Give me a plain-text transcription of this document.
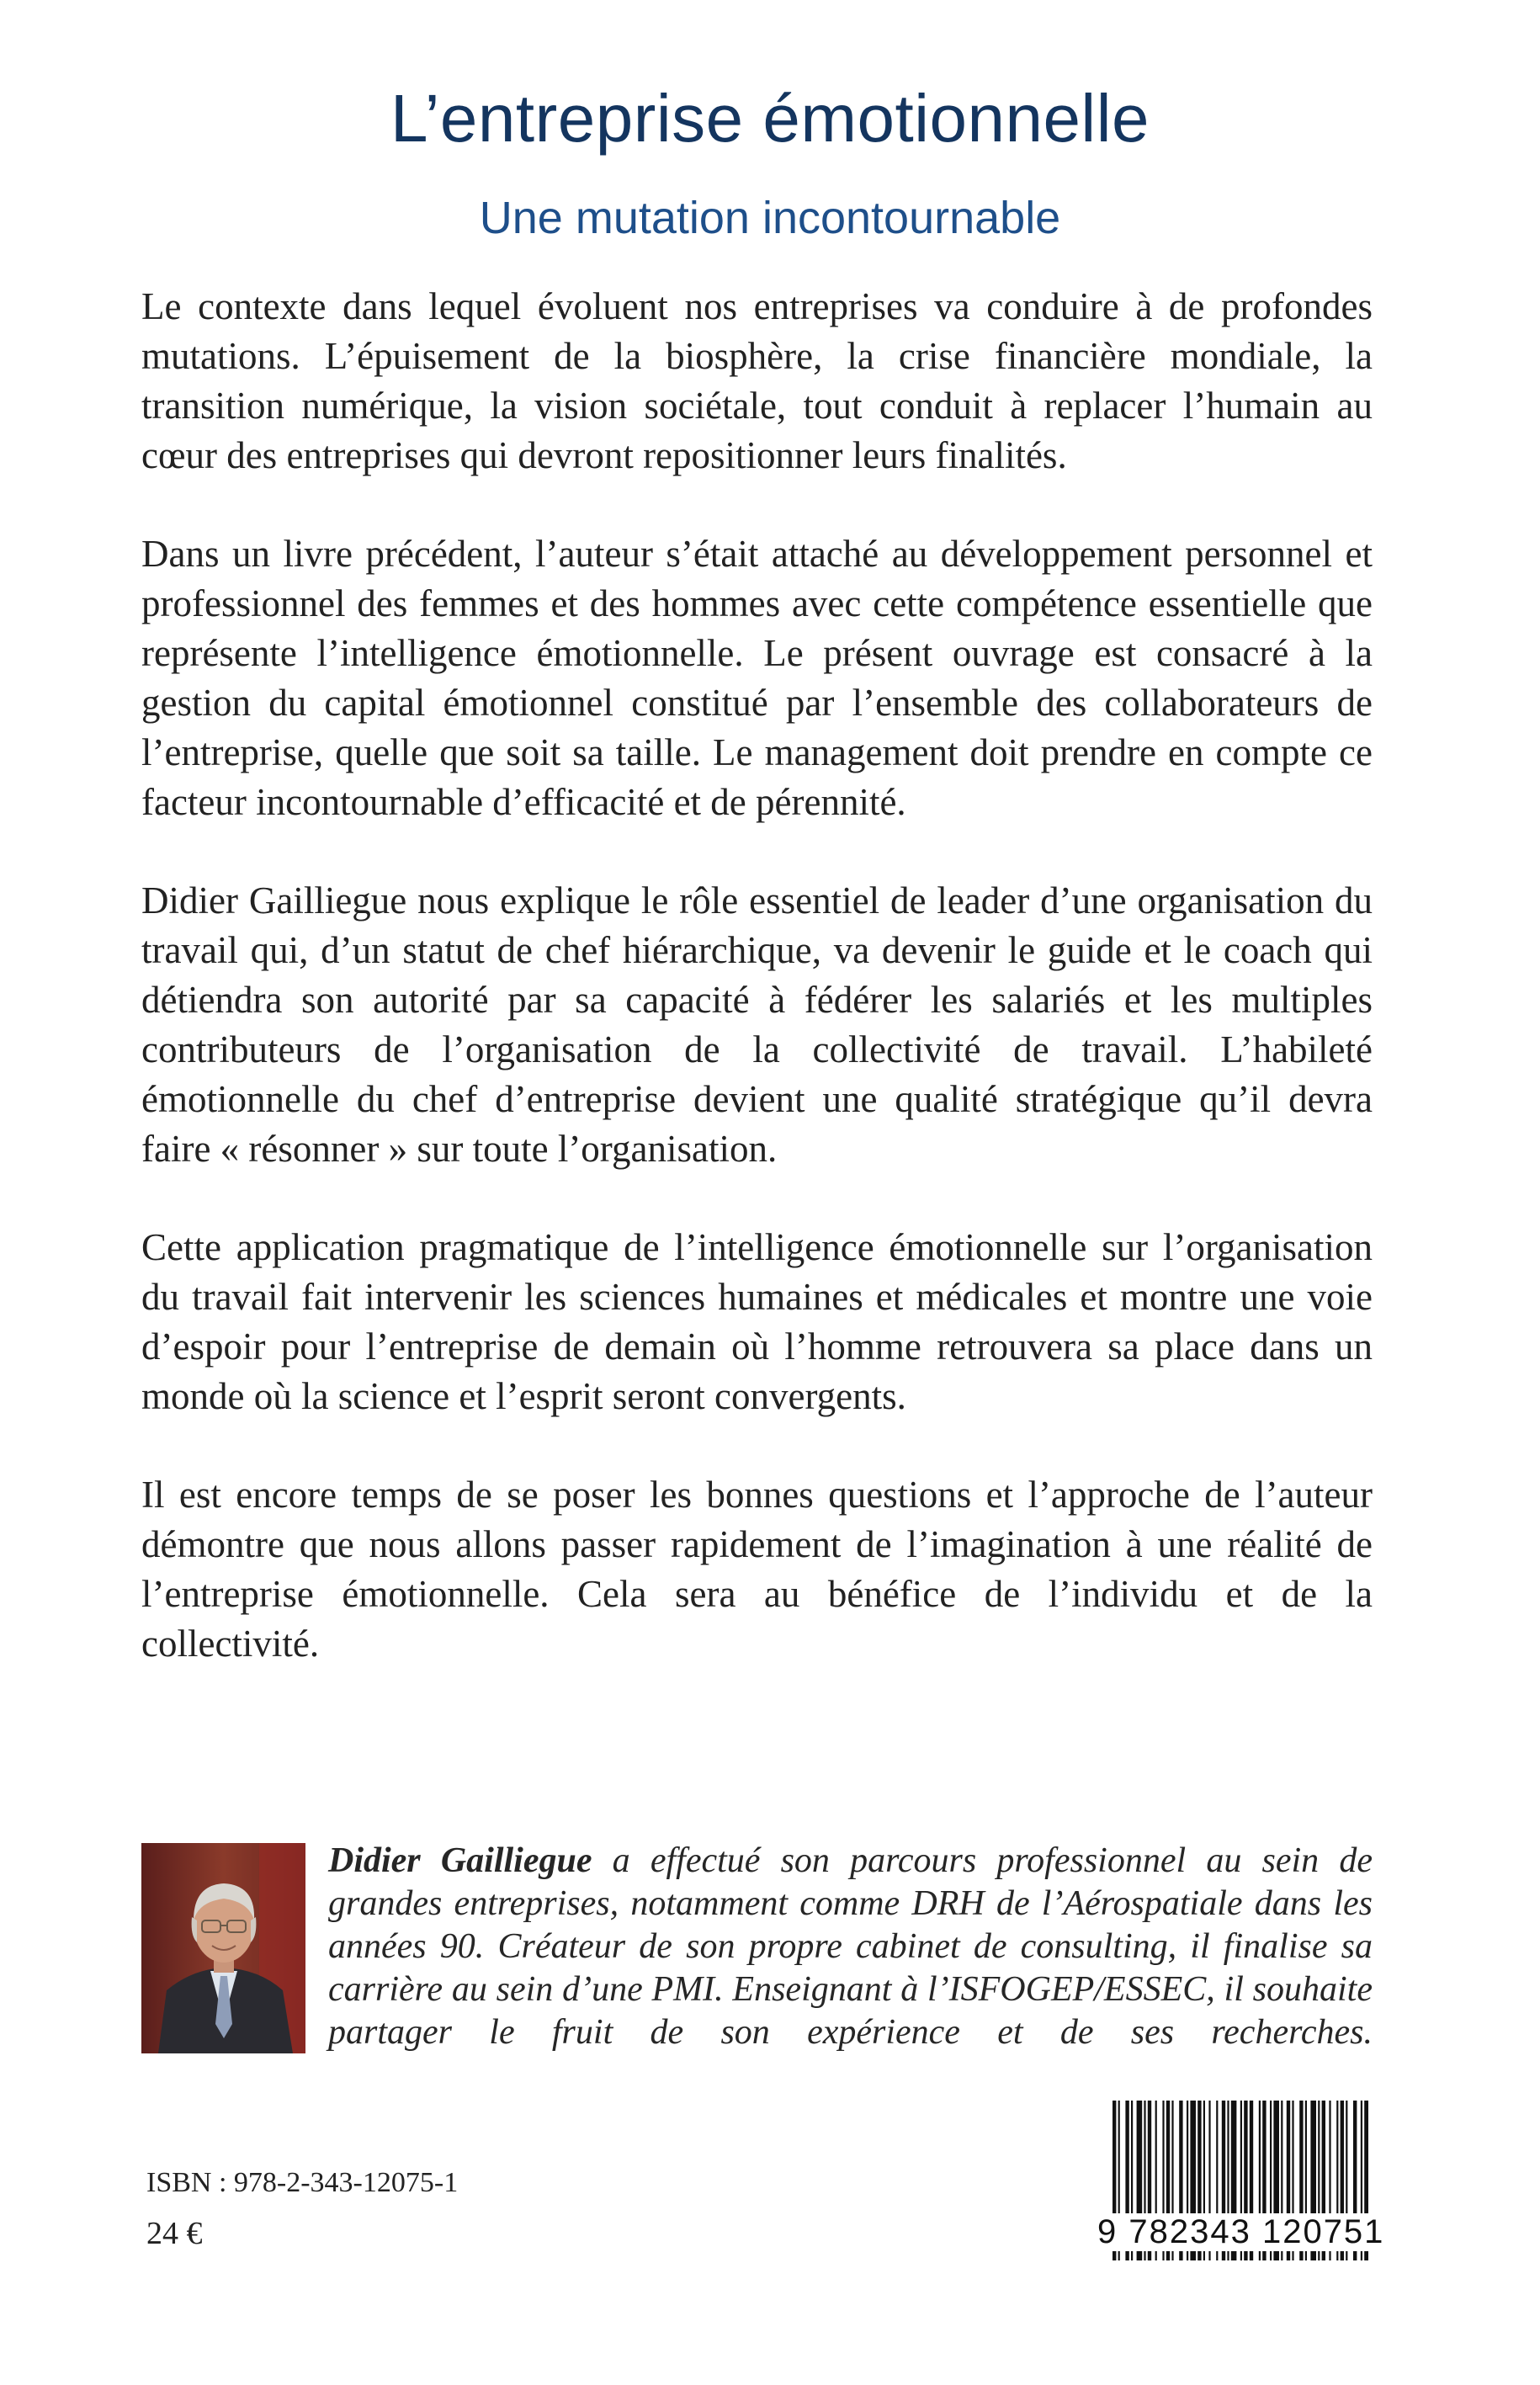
L’entreprise émotionnelle
Une mutation incontournable

Le contexte dans lequel évoluent nos entreprises va conduire à de profondes mutations. L’épuisement de la biosphère, la crise financière mondiale, la transition numérique, la vision sociétale, tout conduit à replacer l’humain au cœur des entreprises qui devront repositionner leurs finalités.

Dans un livre précédent, l’auteur s’était attaché au développement personnel et professionnel des femmes et des hommes avec cette compétence essentielle que représente l’intelligence émotionnelle. Le présent ouvrage est consacré à la gestion du capital émotionnel constitué par l’ensemble des collaborateurs de l’entreprise, quelle que soit sa taille. Le management doit prendre en compte ce facteur incontournable d’efficacité et de pérennité.

Didier Gailliegue nous explique le rôle essentiel de leader d’une organisation du travail qui, d’un statut de chef hiérarchique, va devenir le guide et le coach qui détiendra son autorité par sa capacité à fédérer les salariés et les multiples contributeurs de l’organisation de la collectivité de travail. L’habileté émotionnelle du chef d’entreprise devient une qualité stratégique qu’il devra faire « résonner » sur toute l’organisation.

Cette application pragmatique de l’intelligence émotionnelle sur l’organisation du travail fait intervenir les sciences humaines et médicales et montre une voie d’espoir pour l’entreprise de demain où l’homme retrouvera sa place dans un monde où la science et l’esprit seront convergents.

Il est encore temps de se poser les bonnes questions et l’approche de l’auteur démontre que nous allons passer rapidement de l’imagination à une réalité de l’entreprise émotionnelle. Cela sera au bénéfice de l’individu et de la collectivité.

Didier Gailliegue a effectué son parcours professionnel au sein de grandes entreprises, notamment comme DRH de l’Aérospatiale dans les années 90. Créateur de son propre cabinet de consulting, il finalise sa carrière au sein d’une PMI. Enseignant à l’ISFOGEP/ESSEC, il souhaite partager le fruit de son expérience et de ses recherches.

ISBN : 978-2-343-12075-1
24 €	9 782343 120751
